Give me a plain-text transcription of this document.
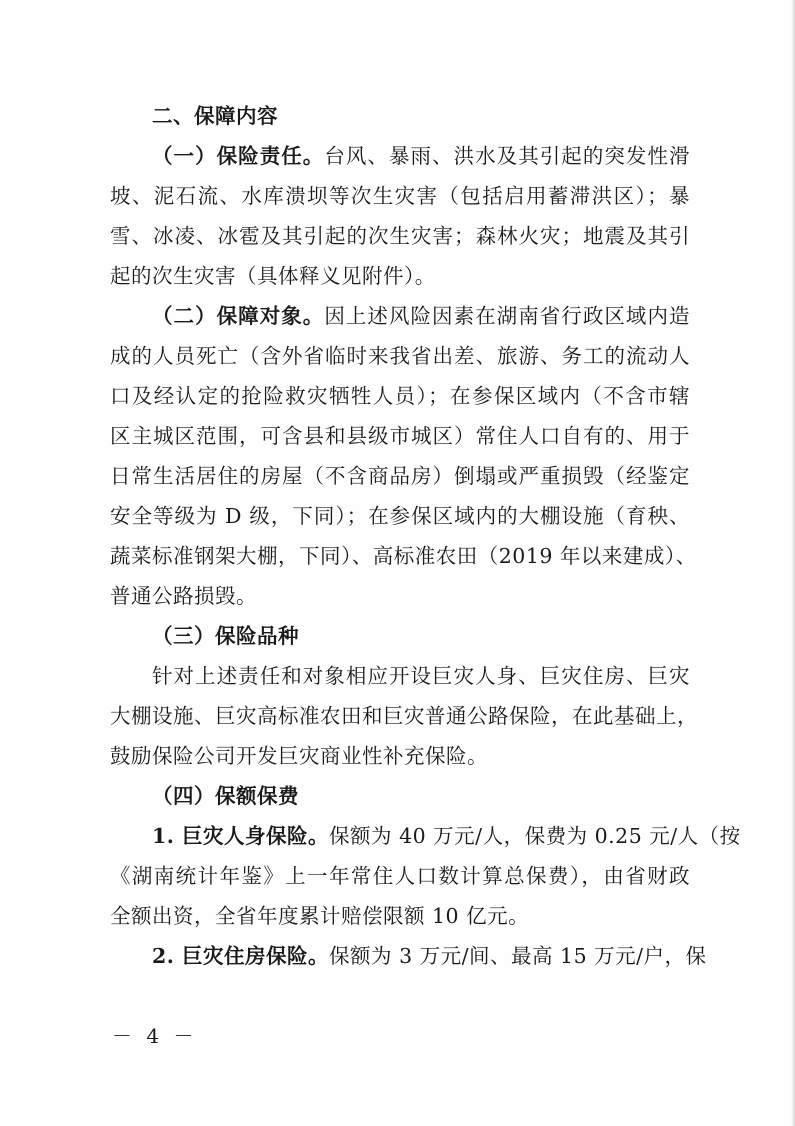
二、保障内容
（一）保险责任。台风、暴雨、洪水及其引起的突发性滑
坡、泥石流、水库溃坝等次生灾害（包括启用蓄滞洪区）；暴
雪、冰凌、冰雹及其引起的次生灾害；森林火灾；地震及其引
起的次生灾害（具体释义见附件）。
（二）保障对象。因上述风险因素在湖南省行政区域内造
成的人员死亡（含外省临时来我省出差、旅游、务工的流动人
口及经认定的抢险救灾牺牲人员）；在参保区域内（不含市辖
区主城区范围，可含县和县级市城区）常住人口自有的、用于
日常生活居住的房屋（不含商品房）倒塌或严重损毁（经鉴定
安全等级为 D 级，下同）；在参保区域内的大棚设施（育秧、
蔬菜标准钢架大棚，下同）、高标准农田（2019 年以来建成）、
普通公路损毁。
（三）保险品种
针对上述责任和对象相应开设巨灾人身、巨灾住房、巨灾
大棚设施、巨灾高标准农田和巨灾普通公路保险，在此基础上，
鼓励保险公司开发巨灾商业性补充保险。
（四）保额保费
1. 巨灾人身保险。保额为 40 万元/人，保费为 0.25 元/人（按
《湖南统计年鉴》上一年常住人口数计算总保费），由省财政
全额出资，全省年度累计赔偿限额 10 亿元。
2. 巨灾住房保险。保额为 3 万元/间、最高 15 万元/户，保
－ 4 －
